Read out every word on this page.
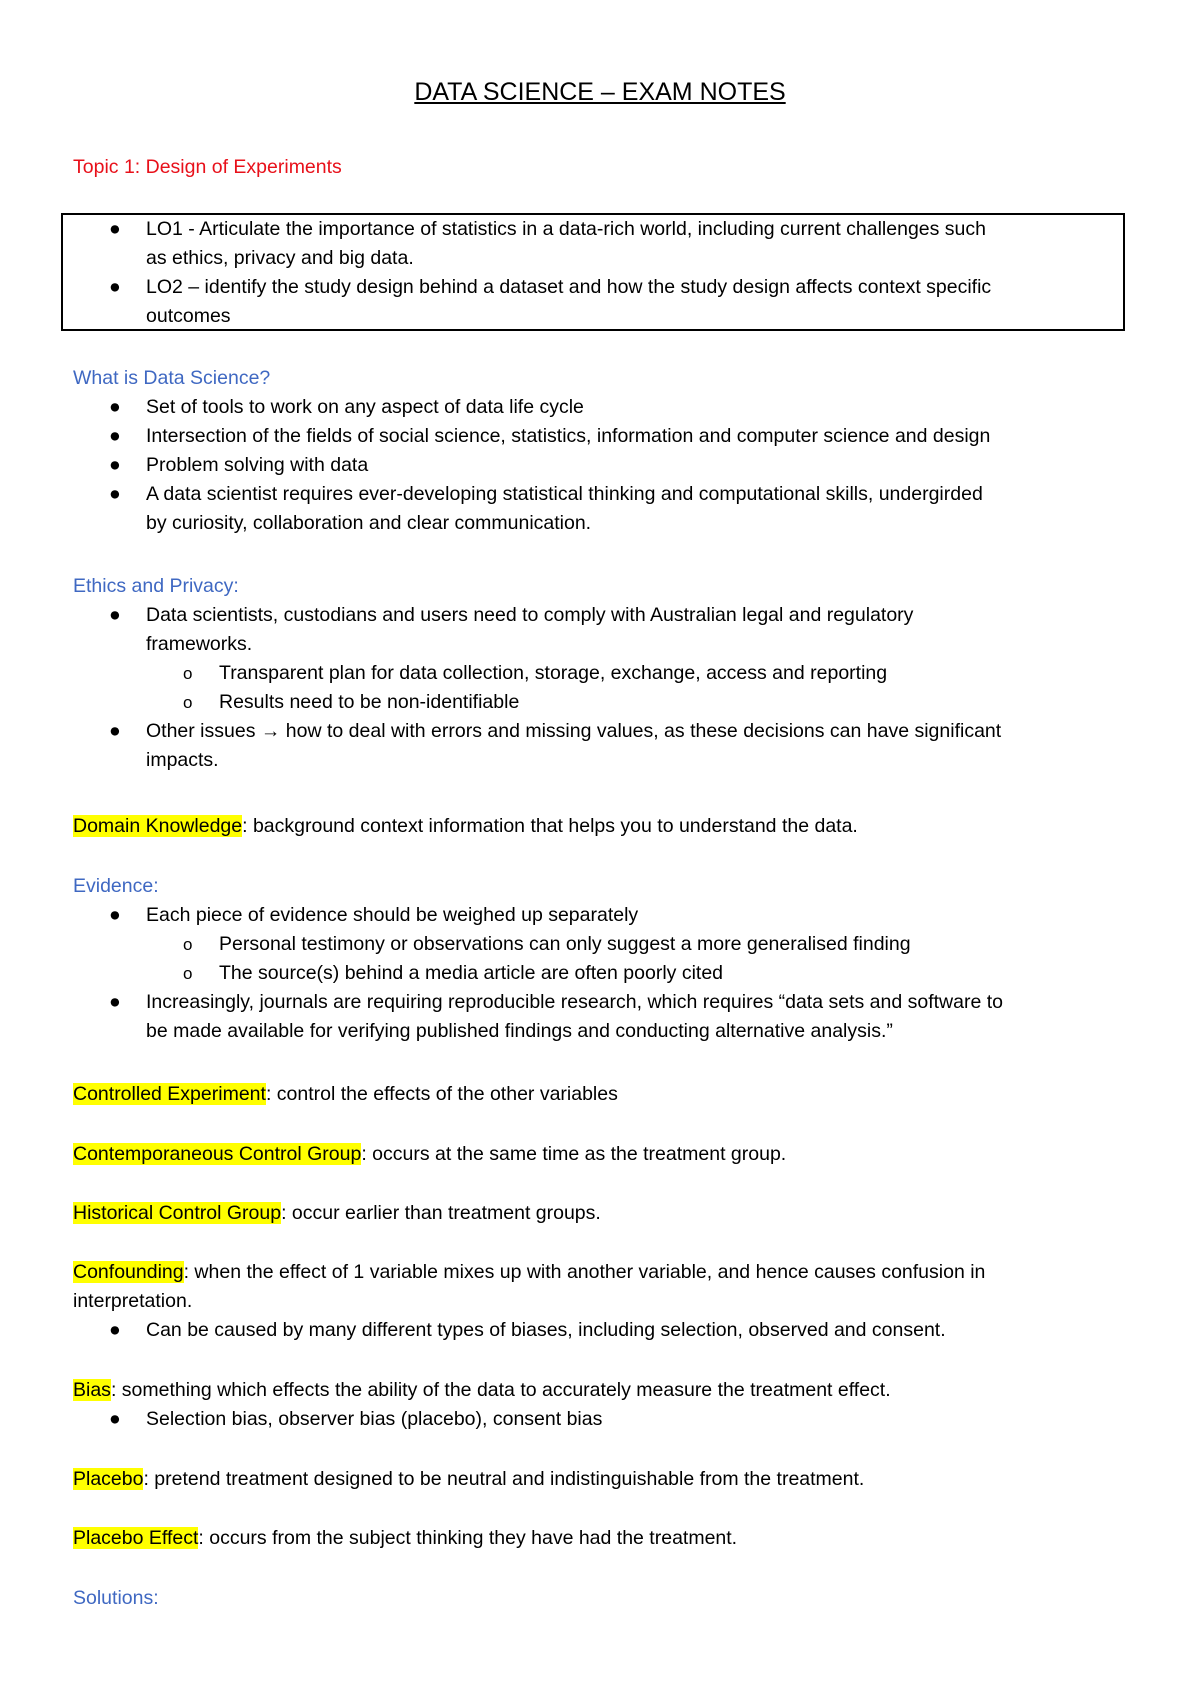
DATA SCIENCE – EXAM NOTES
Topic 1: Design of Experiments
● LO1 - Articulate the importance of statistics in a data-rich world, including current challenges such
as ethics, privacy and big data.
● LO2 – identify the study design behind a dataset and how the study design affects context specific
outcomes
What is Data Science?
● Set of tools to work on any aspect of data life cycle
● Intersection of the fields of social science, statistics, information and computer science and design
● Problem solving with data
● A data scientist requires ever-developing statistical thinking and computational skills, undergirded
by curiosity, collaboration and clear communication.
Ethics and Privacy:
● Data scientists, custodians and users need to comply with Australian legal and regulatory
frameworks.
o Transparent plan for data collection, storage, exchange, access and reporting
o Results need to be non-identifiable
● Other issues → how to deal with errors and missing values, as these decisions can have significant
impacts.
Domain Knowledge: background context information that helps you to understand the data.
Evidence:
● Each piece of evidence should be weighed up separately
o Personal testimony or observations can only suggest a more generalised finding
o The source(s) behind a media article are often poorly cited
● Increasingly, journals are requiring reproducible research, which requires “data sets and software to
be made available for verifying published findings and conducting alternative analysis.”
Controlled Experiment: control the effects of the other variables
Contemporaneous Control Group: occurs at the same time as the treatment group.
Historical Control Group: occur earlier than treatment groups.
Confounding: when the effect of 1 variable mixes up with another variable, and hence causes confusion in
interpretation.
● Can be caused by many different types of biases, including selection, observed and consent.
Bias: something which effects the ability of the data to accurately measure the treatment effect.
● Selection bias, observer bias (placebo), consent bias
Placebo: pretend treatment designed to be neutral and indistinguishable from the treatment.
Placebo Effect: occurs from the subject thinking they have had the treatment.
Solutions:
